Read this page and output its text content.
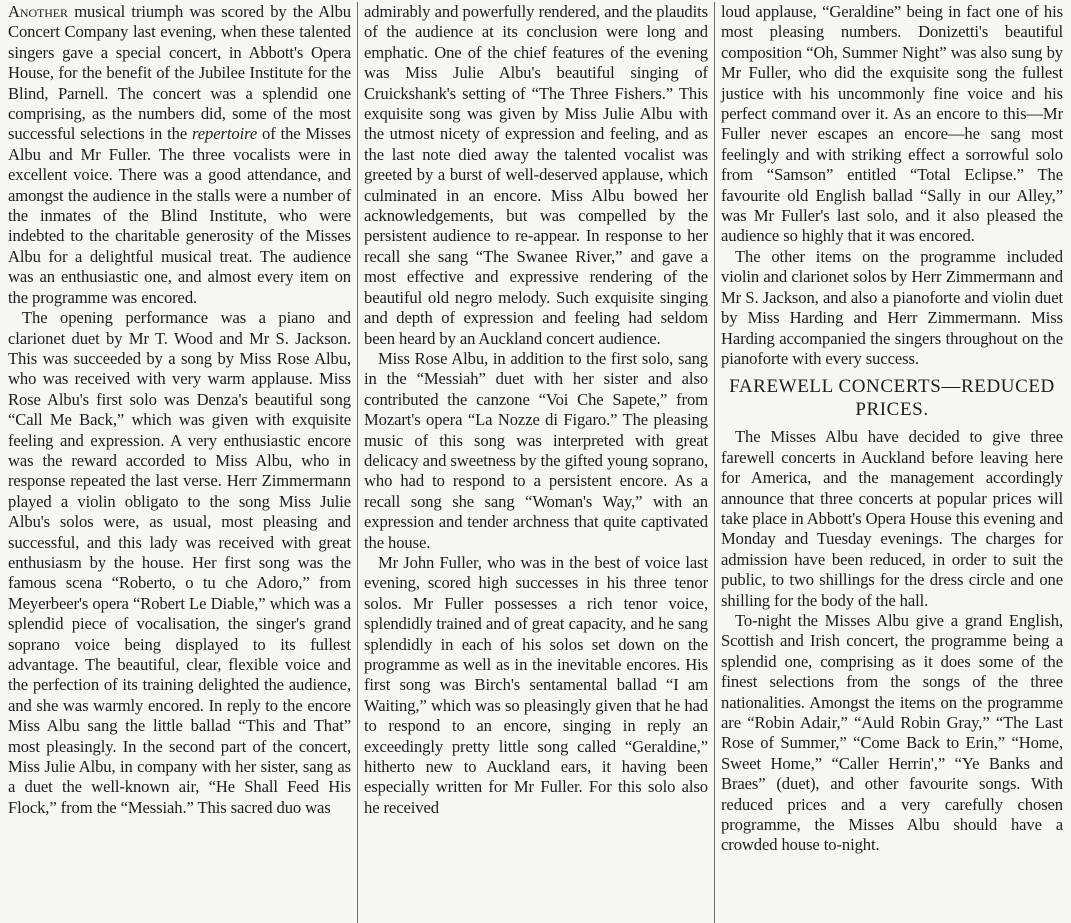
Another musical triumph was scored by the Albu Concert Company last evening, when these talented singers gave a special concert, in Abbott's Opera House, for the benefit of the Jubilee Institute for the Blind, Parnell. The concert was a splendid one comprising, as the numbers did, some of the most successful selections in the repertoire of the Misses Albu and Mr Fuller. The three vocalists were in excellent voice. There was a good attendance, and amongst the audience in the stalls were a number of the inmates of the Blind Institute, who were indebted to the charitable generosity of the Misses Albu for a delightful musical treat. The audience was an enthusiastic one, and almost every item on the programme was encored.

The opening performance was a piano and clarionet duet by Mr T. Wood and Mr S. Jackson. This was succeeded by a song by Miss Rose Albu, who was received with very warm applause. Miss Rose Albu's first solo was Denza's beautiful song “Call Me Back,” which was given with exquisite feeling and expression. A very enthusiastic encore was the reward accorded to Miss Albu, who in response repeated the last verse. Herr Zimmermann played a violin obligato to the song Miss Julie Albu's solos were, as usual, most pleasing and successful, and this lady was received with great enthusiasm by the house. Her first song was the famous scena “Roberto, o tu che Adoro,” from Meyerbeer's opera “Robert Le Diable,” which was a splendid piece of vocalisation, the singer's grand soprano voice being displayed to its fullest advantage. The beautiful, clear, flexible voice and the perfection of its training delighted the audience, and she was warmly encored. In reply to the encore Miss Albu sang the little ballad “This and That” most pleasingly. In the second part of the concert, Miss Julie Albu, in company with her sister, sang as a duet the well-known air, “He Shall Feed His Flock,” from the “Messiah.” This sacred duo was

admirably and powerfully rendered, and the plaudits of the audience at its conclusion were long and emphatic. One of the chief features of the evening was Miss Julie Albu's beautiful singing of Cruickshank's setting of “The Three Fishers.” This exquisite song was given by Miss Julie Albu with the utmost nicety of expression and feeling, and as the last note died away the talented vocalist was greeted by a burst of well-deserved applause, which culminated in an encore. Miss Albu bowed her acknowledgements, but was compelled by the persistent audience to re-appear. In response to her recall she sang “The Swanee River,” and gave a most effective and expressive rendering of the beautiful old negro melody. Such exquisite singing and depth of expression and feeling had seldom been heard by an Auckland concert audience.

Miss Rose Albu, in addition to the first solo, sang in the “Messiah” duet with her sister and also contributed the canzone “Voi Che Sapete,” from Mozart's opera “La Nozze di Figaro.” The pleasing music of this song was interpreted with great delicacy and sweetness by the gifted young soprano, who had to respond to a persistent encore. As a recall song she sang “Woman's Way,” with an expression and tender archness that quite captivated the house.

Mr John Fuller, who was in the best of voice last evening, scored high successes in his three tenor solos. Mr Fuller possesses a rich tenor voice, splendidly trained and of great capacity, and he sang splendidly in each of his solos set down on the programme as well as in the inevitable encores. His first song was Birch's sentamental ballad “I am Waiting,” which was so pleasingly given that he had to respond to an encore, singing in reply an exceedingly pretty little song called “Geraldine,” hitherto new to Auckland ears, it having been especially written for Mr Fuller. For this solo also he received

loud applause, “Geraldine” being in fact one of his most pleasing numbers. Donizetti's beautiful composition “Oh, Summer Night” was also sung by Mr Fuller, who did the exquisite song the fullest justice with his uncommonly fine voice and his perfect command over it. As an encore to this—Mr Fuller never escapes an encore—he sang most feelingly and with striking effect a sorrowful solo from “Samson” entitled “Total Eclipse.” The favourite old English ballad “Sally in our Alley,” was Mr Fuller's last solo, and it also pleased the audience so highly that it was encored.

The other items on the programme included violin and clarionet solos by Herr Zimmermann and Mr S. Jackson, and also a pianoforte and violin duet by Miss Harding and Herr Zimmermann. Miss Harding accompanied the singers throughout on the pianoforte with every success.

FAREWELL CONCERTS—REDUCED PRICES.

The Misses Albu have decided to give three farewell concerts in Auckland before leaving here for America, and the management accordingly announce that three concerts at popular prices will take place in Abbott's Opera House this evening and Monday and Tuesday evenings. The charges for admission have been reduced, in order to suit the public, to two shillings for the dress circle and one shilling for the body of the hall.

To-night the Misses Albu give a grand English, Scottish and Irish concert, the programme being a splendid one, comprising as it does some of the finest selections from the songs of the three nationalities. Amongst the items on the programme are “Robin Adair,” “Auld Robin Gray,” “The Last Rose of Summer,” “Come Back to Erin,” “Home, Sweet Home,” “Caller Herrin',” “Ye Banks and Braes” (duet), and other favourite songs. With reduced prices and a very carefully chosen programme, the Misses Albu should have a crowded house to-night.
